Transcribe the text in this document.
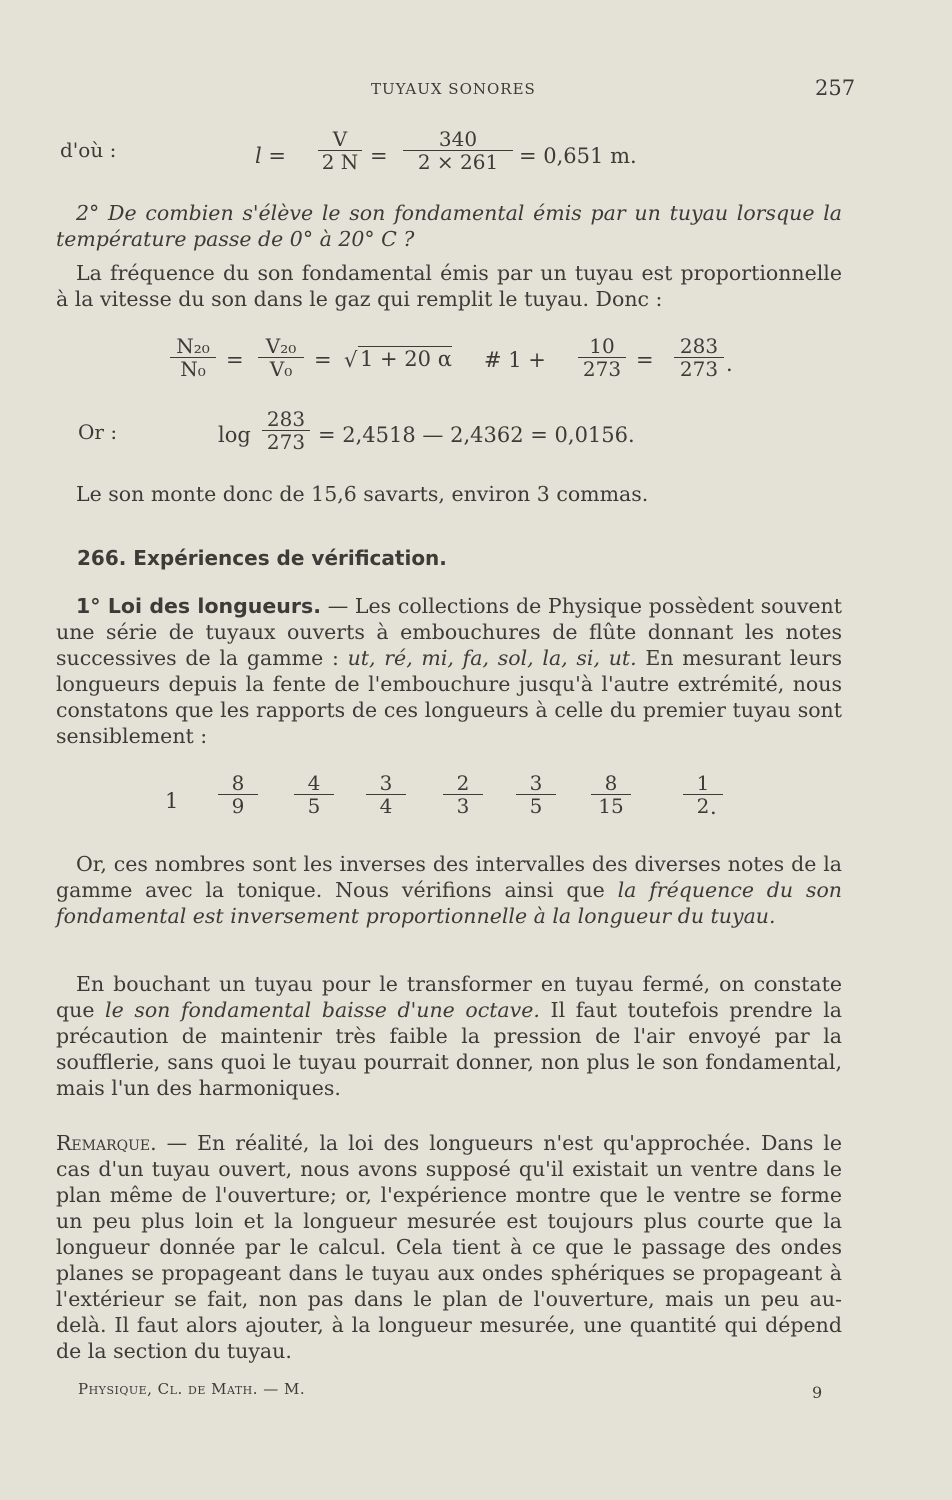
TUYAUX SONORES	257
d'où :	$l = \frac{V}{2 N} = \frac{340}{2 \times 261} = 0,651$ m.
2° De combien s'élève le son fondamental émis par un tuyau lorsque la température passe de 0° à 20° C ?
La fréquence du son fondamental émis par un tuyau est proportionnelle à la vitesse du son dans le gaz qui remplit le tuyau. Donc :
$\frac{\text{N₂₀}}{\text{N₀}} = \frac{\text{V₂₀}}{\text{V₀}}$ = √ 1 + 20 α # $1 + \frac{10}{273} = \frac{283}{273}$ .
Or :	$\log \frac{283}{273} = 2,4518$ — 2,4362 = 0,0156.
Le son monte donc de 15,6 savarts, environ 3 commas.
266. Expériences de vérification.
1° Loi des longueurs. — Les collections de Physique possèdent souvent une série de tuyaux ouverts à embouchures de flûte donnant les notes successives de la gamme : ut, ré, mi, fa, sol, la, si, ut. En mesurant leurs longueurs depuis la fente de l'embouchure jusqu'à l'autre extrémité, nous constatons que les rapports de ces longueurs à celle du premier tuyau sont sensiblement :
$1 \frac{8}{9} \frac{4}{5} \frac{3}{4} \frac{2}{3} \frac{3}{5} \frac{8}{15}$	$\frac{1}{2}$
.
Or, ces nombres sont les inverses des intervalles des diverses notes de la gamme avec la tonique. Nous vérifions ainsi que la fréquence du son fondamental est inversement proportionnelle à la longueur du tuyau.
En bouchant un tuyau pour le transformer en tuyau fermé, on constate que le son fondamental baisse d'une octave. Il faut toutefois prendre la précaution de maintenir très faible la pression de l'air envoyé par la soufflerie, sans quoi le tuyau pourrait donner, non plus le son fondamental, mais l'un des harmoniques.
Remarque. — En réalité, la loi des longueurs n'est qu'approchée. Dans le cas d'un tuyau ouvert, nous avons supposé qu'il existait un ventre dans le plan même de l'ouverture; or, l'expérience montre que le ventre se forme un peu plus loin et la longueur mesurée est toujours plus courte que la longueur donnée par le calcul. Cela tient à ce que le passage des ondes planes se propageant dans le tuyau aux ondes sphériques se propageant à l'extérieur se fait, non pas dans le plan de l'ouverture, mais un peu au-delà. Il faut alors ajouter, à la longueur mesurée, une quantité qui dépend de la section du tuyau.
Physique, Cl. de Math. — M.	9
